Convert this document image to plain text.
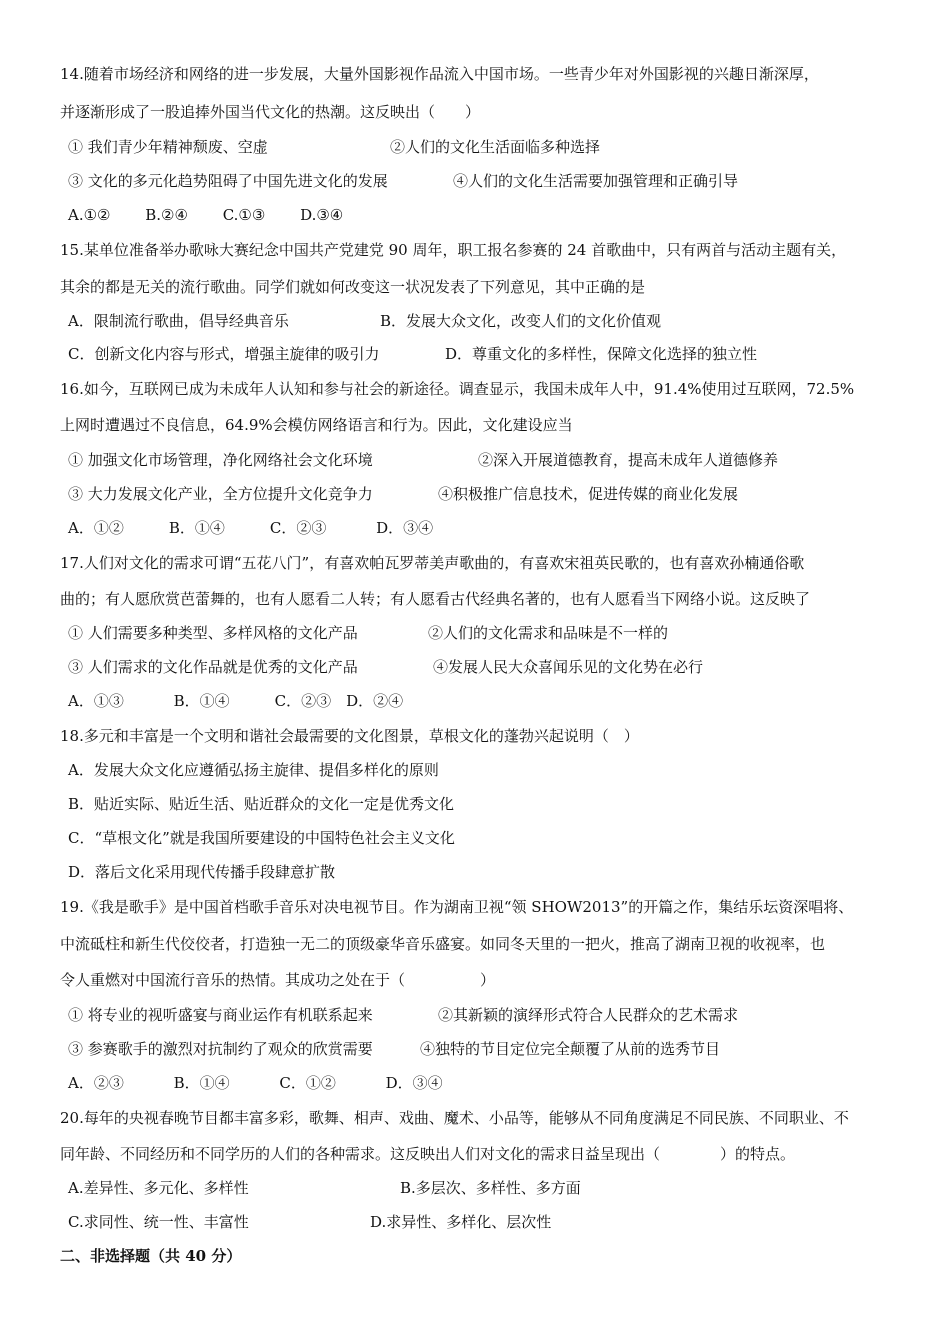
14.随着市场经济和网络的进一步发展，大量外国影视作品流入中国市场。一些青少年对外国影视的兴趣日渐深厚，
并逐渐形成了一股追捧外国当代文化的热潮。这反映出（　　）
① 我们青少年精神颓废、空虚	②人们的文化生活面临多种选择
③ 文化的多元化趋势阻碍了中国先进文化的发展	④人们的文化生活需要加强管理和正确引导
A.①②　　 B.②④　　 C.①③　　 D.③④
15.某单位准备举办歌咏大赛纪念中国共产党建党 90 周年，职工报名参赛的 24 首歌曲中，只有两首与活动主题有关，
其余的都是无关的流行歌曲。同学们就如何改变这一状况发表了下列意见，其中正确的是
A．限制流行歌曲，倡导经典音乐	B．发展大众文化，改变人们的文化价值观
C．创新文化内容与形式，增强主旋律的吸引力	D．尊重文化的多样性，保障文化选择的独立性
16.如今，互联网已成为未成年人认知和参与社会的新途径。调查显示，我国未成年人中，91.4%使用过互联网，72.5%
上网时遭遇过不良信息，64.9%会模仿网络语言和行为。因此，文化建设应当
① 加强文化市场管理，净化网络社会文化环境	②深入开展道德教育，提高未成年人道德修养
③ 大力发展文化产业，全方位提升文化竞争力	④积极推广信息技术，促进传媒的商业化发展
A．①②　　　B．①④　　　C．②③　　　 D．③④
17.人们对文化的需求可谓“五花八门”，有喜欢帕瓦罗蒂美声歌曲的，有喜欢宋祖英民歌的，也有喜欢孙楠通俗歌
曲的；有人愿欣赏芭蕾舞的，也有人愿看二人转；有人愿看古代经典名著的，也有人愿看当下网络小说。这反映了
① 人们需要多种类型、多样风格的文化产品	②人们的文化需求和品味是不一样的
③ 人们需求的文化作品就是优秀的文化产品	④发展人民大众喜闻乐见的文化势在必行
A．①③　　　 B．①④　　　C．②③　D．②④
18.多元和丰富是一个文明和谐社会最需要的文化图景，草根文化的蓬勃兴起说明（　）
A．发展大众文化应遵循弘扬主旋律、提倡多样化的原则
B．贴近实际、贴近生活、贴近群众的文化一定是优秀文化
C．“草根文化”就是我国所要建设的中国特色社会主义文化
D．落后文化采用现代传播手段肆意扩散
19.《我是歌手》是中国首档歌手音乐对决电视节目。作为湖南卫视“领 SHOW2013”的开篇之作，集结乐坛资深唱将、
中流砥柱和新生代佼佼者，打造独一无二的顶级豪华音乐盛宴。如同冬天里的一把火，推高了湖南卫视的收视率，也
令人重燃对中国流行音乐的热情。其成功之处在于（　　　　　）
① 将专业的视听盛宴与商业运作有机联系起来	②其新颖的演绎形式符合人民群众的艺术需求
③ 参赛歌手的激烈对抗制约了观众的欣赏需要	④独特的节目定位完全颠覆了从前的选秀节目
A．②③　　　 B．①④　　　 C．①②　　　 D．③④
20.每年的央视春晚节目都丰富多彩，歌舞、相声、戏曲、魔术、小品等，能够从不同角度满足不同民族、不同职业、不
同年龄、不同经历和不同学历的人们的各种需求。这反映出人们对文化的需求日益呈现出（　　　　）的特点。
A.差异性、多元化、多样性	B.多层次、多样性、多方面
C.求同性、统一性、丰富性	D.求异性、多样化、层次性
二、非选择题（共 40 分）
